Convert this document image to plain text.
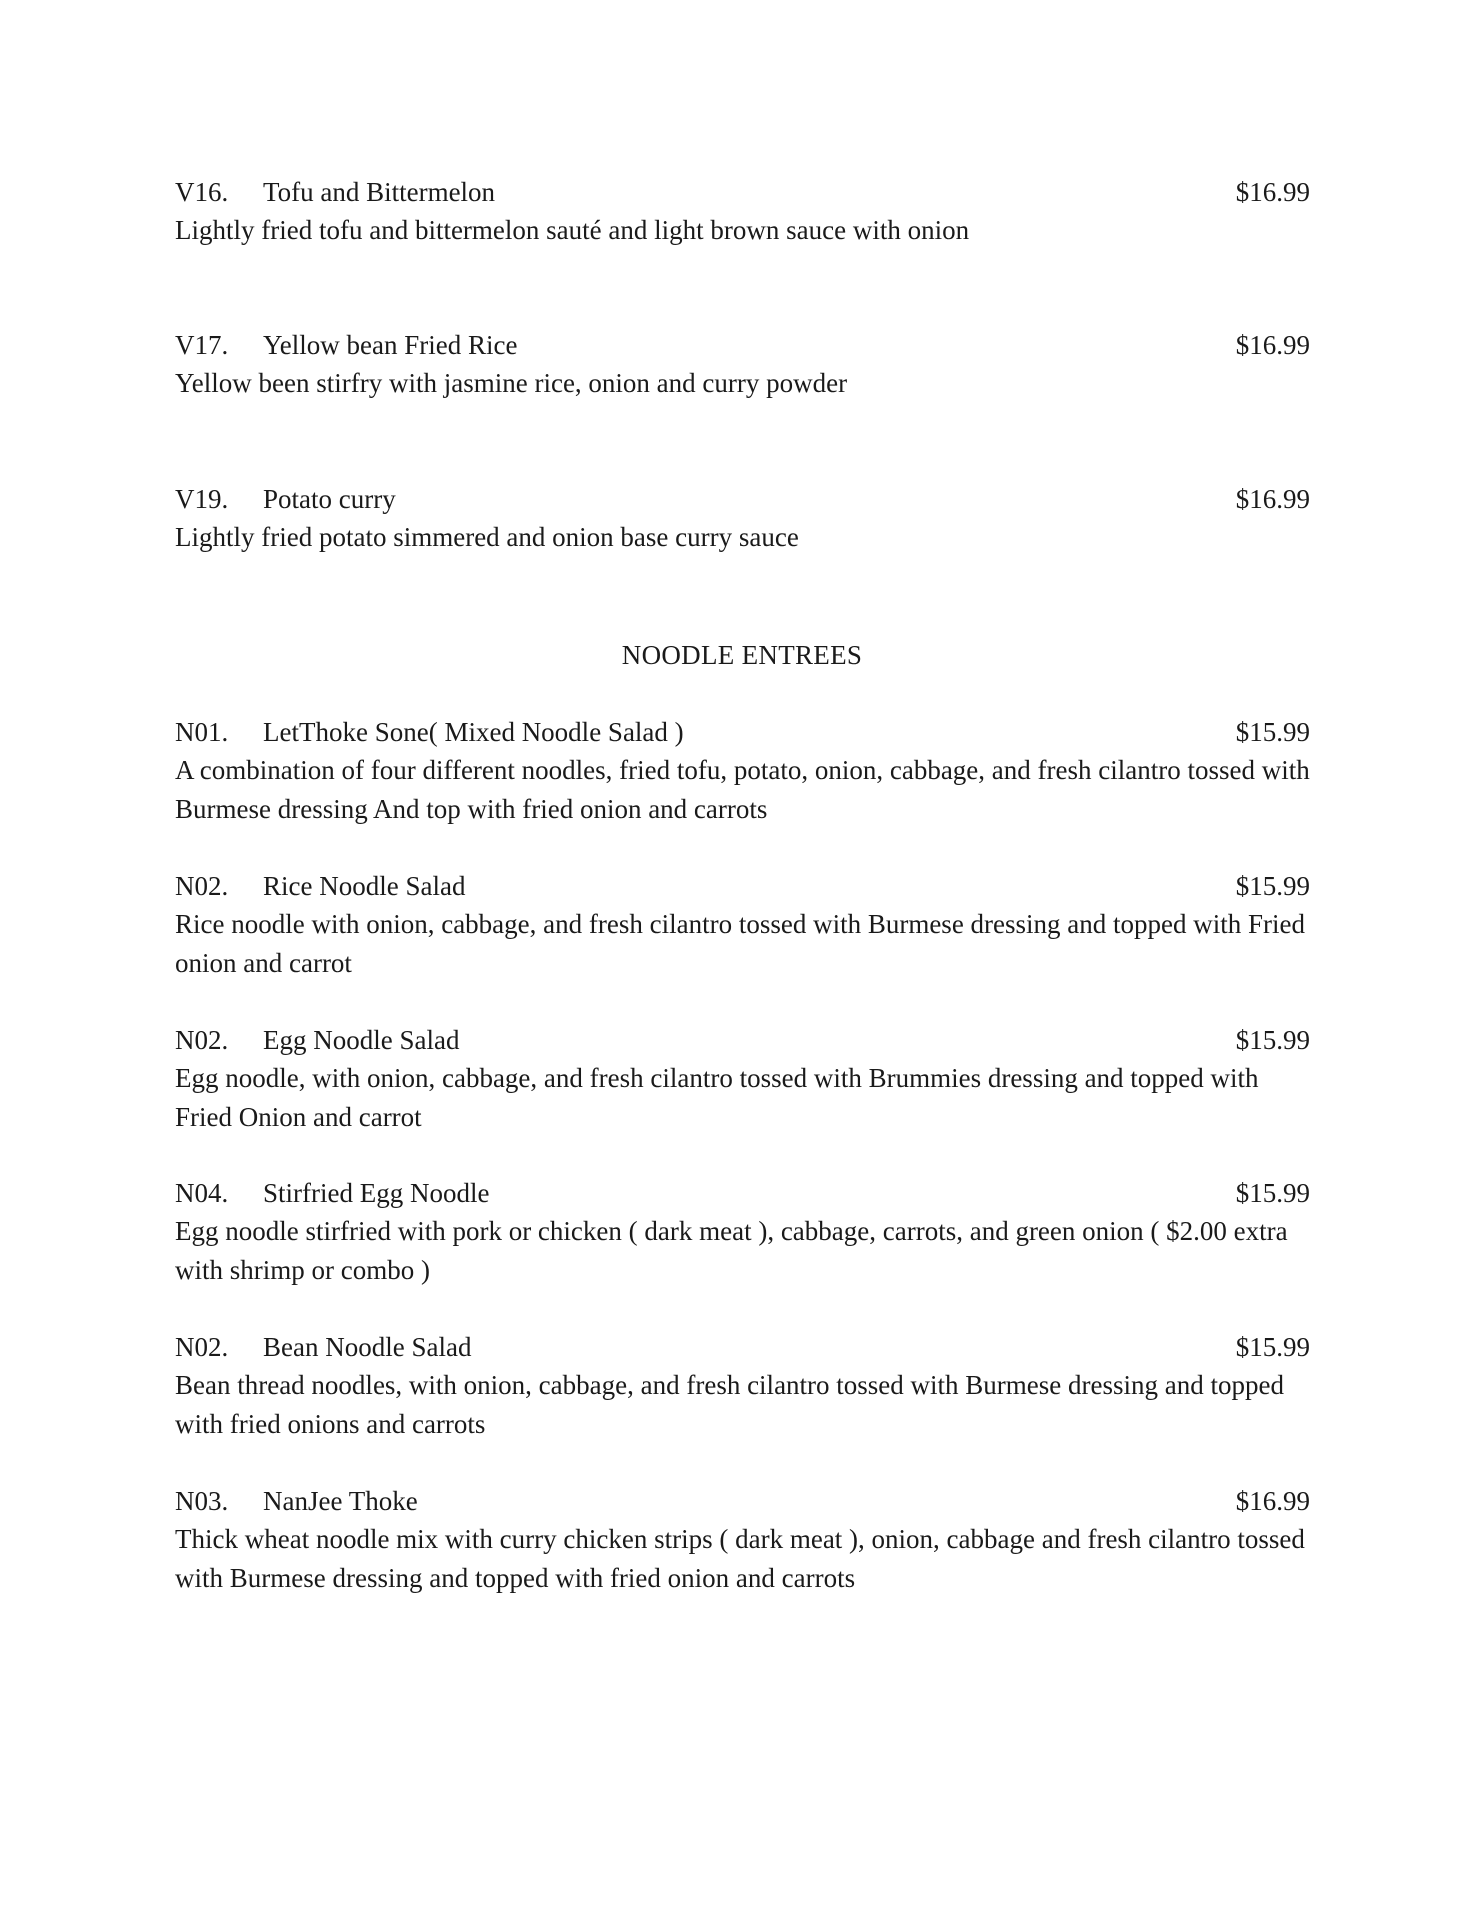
V16. Tofu and Bittermelon	$16.99

Lightly fried tofu and bittermelon sauté and light brown sauce with onion

V17. Yellow bean Fried Rice	$16.99

Yellow been stirfry with jasmine rice, onion and curry powder

V19. Potato curry	$16.99

Lightly fried potato simmered and onion base curry sauce

NOODLE ENTREES
N01. LetThoke Sone( Mixed Noodle Salad )	$15.99

A combination of four different noodles, fried tofu, potato, onion, cabbage, and fresh cilantro tossed with Burmese dressing And top with fried onion and carrots

N02. Rice Noodle Salad	$15.99

Rice noodle with onion, cabbage, and fresh cilantro tossed with Burmese dressing and topped with Fried onion and carrot

N02. Egg Noodle Salad	$15.99

Egg noodle, with onion, cabbage, and fresh cilantro tossed with Brummies dressing and topped with Fried Onion and carrot

N04. Stirfried Egg Noodle	$15.99

Egg noodle stirfried with pork or chicken ( dark meat ), cabbage, carrots, and green onion ( $2.00 extra with shrimp or combo )

N02. Bean Noodle Salad	$15.99

Bean thread noodles, with onion, cabbage, and fresh cilantro tossed with Burmese dressing and topped with fried onions and carrots

N03. NanJee Thoke	$16.99

Thick wheat noodle mix with curry chicken strips ( dark meat ), onion, cabbage and fresh cilantro tossed with Burmese dressing and topped with fried onion and carrots
